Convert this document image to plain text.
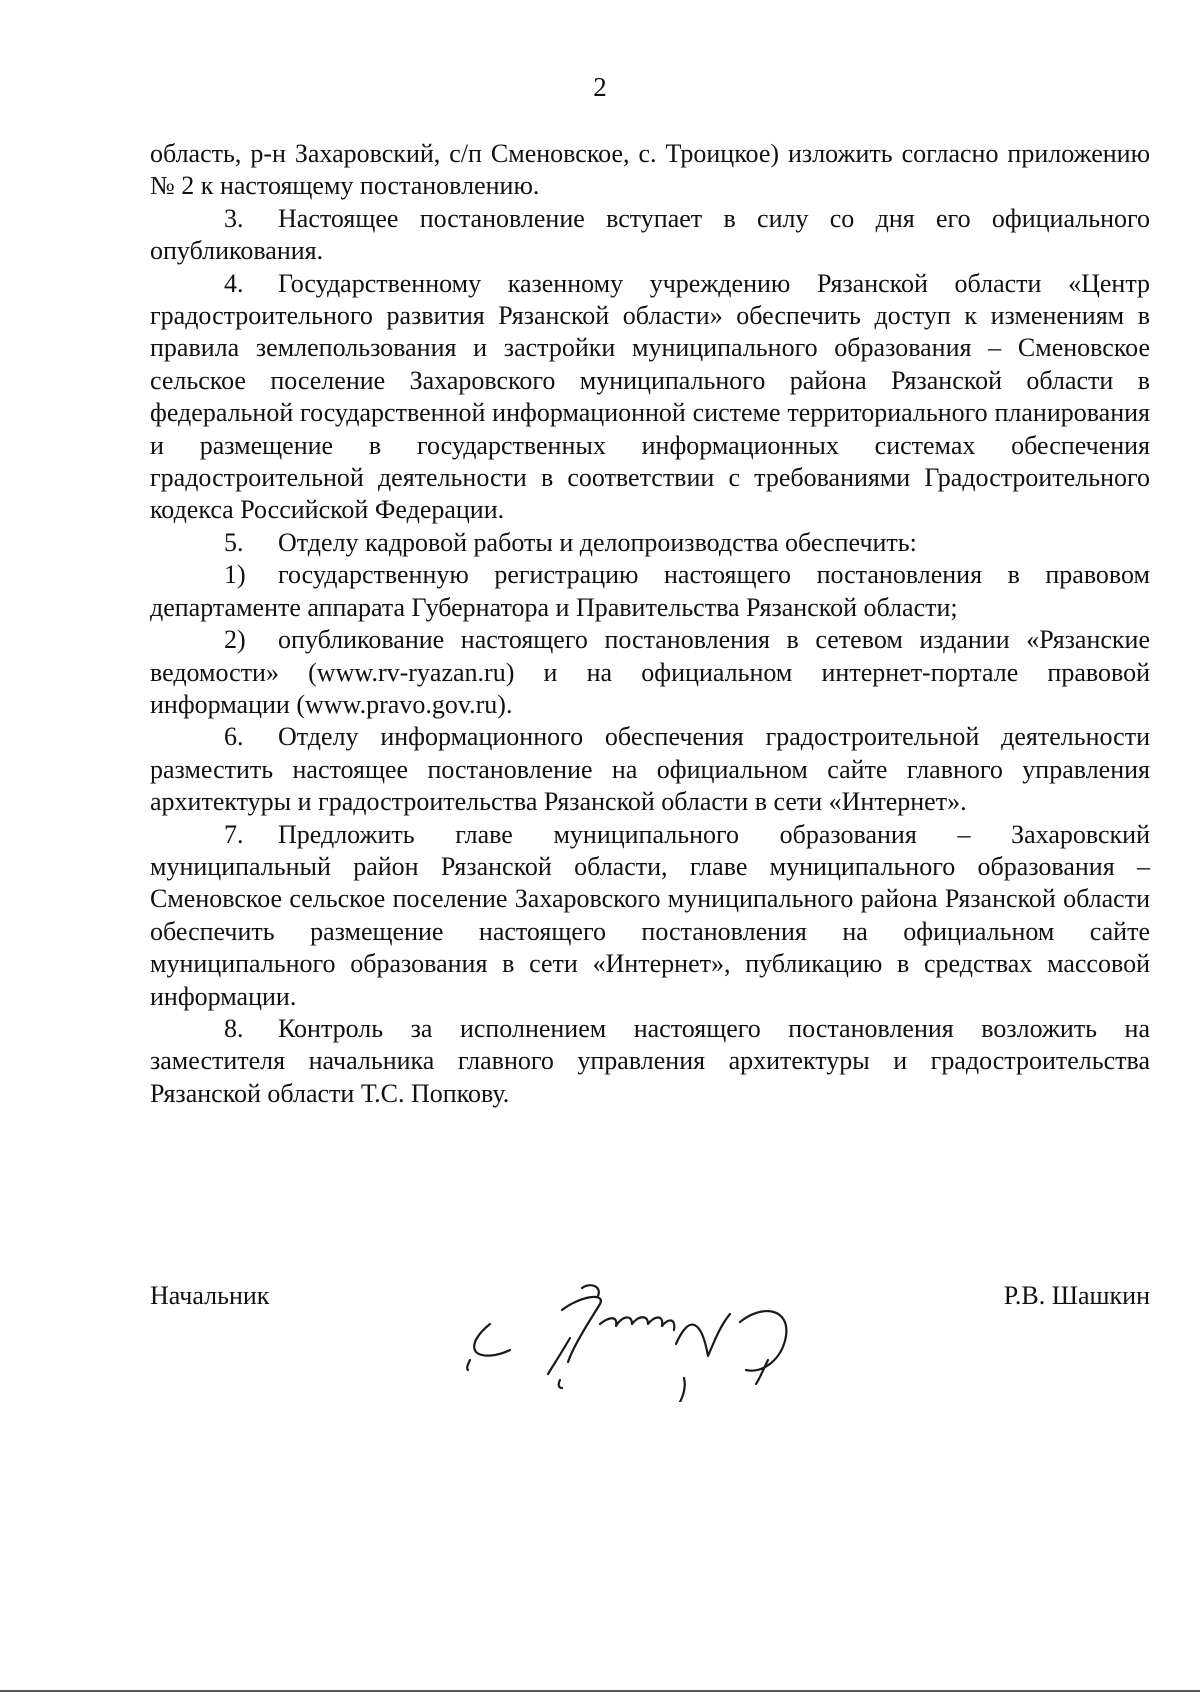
2

область, р-н Захаровский, с/п Сменовское, с. Троицкое) изложить согласно приложению № 2 к настоящему постановлению.

3. Настоящее постановление вступает в силу со дня его официального опубликования.

4. Государственному казенному учреждению Рязанской области «Центр градостроительного развития Рязанской области» обеспечить доступ к изменениям в правила землепользования и застройки муниципального образования – Сменовское сельское поселение Захаровского муниципального района Рязанской области в федеральной государственной информационной системе территориального планирования и размещение в государственных информационных системах обеспечения градостроительной деятельности в соответствии с требованиями Градостроительного кодекса Российской Федерации.

5. Отделу кадровой работы и делопроизводства обеспечить:

1) государственную регистрацию настоящего постановления в правовом департаменте аппарата Губернатора и Правительства Рязанской области;

2) опубликование настоящего постановления в сетевом издании «Рязанские ведомости» (www.rv-ryazan.ru) и на официальном интернет-портале правовой информации (www.pravo.gov.ru).

6. Отделу информационного обеспечения градостроительной деятельности разместить настоящее постановление на официальном сайте главного управления архитектуры и градостроительства Рязанской области в сети «Интернет».

7. Предложить главе муниципального образования – Захаровский муниципальный район Рязанской области, главе муниципального образования – Сменовское сельское поселение Захаровского муниципального района Рязанской области обеспечить размещение настоящего постановления на официальном сайте муниципального образования в сети «Интернет», публикацию в средствах массовой информации.

8. Контроль за исполнением настоящего постановления возложить на заместителя начальника главного управления архитектуры и градостроительства Рязанской области Т.С. Попкову.

Начальник	Р.В. Шашкин
